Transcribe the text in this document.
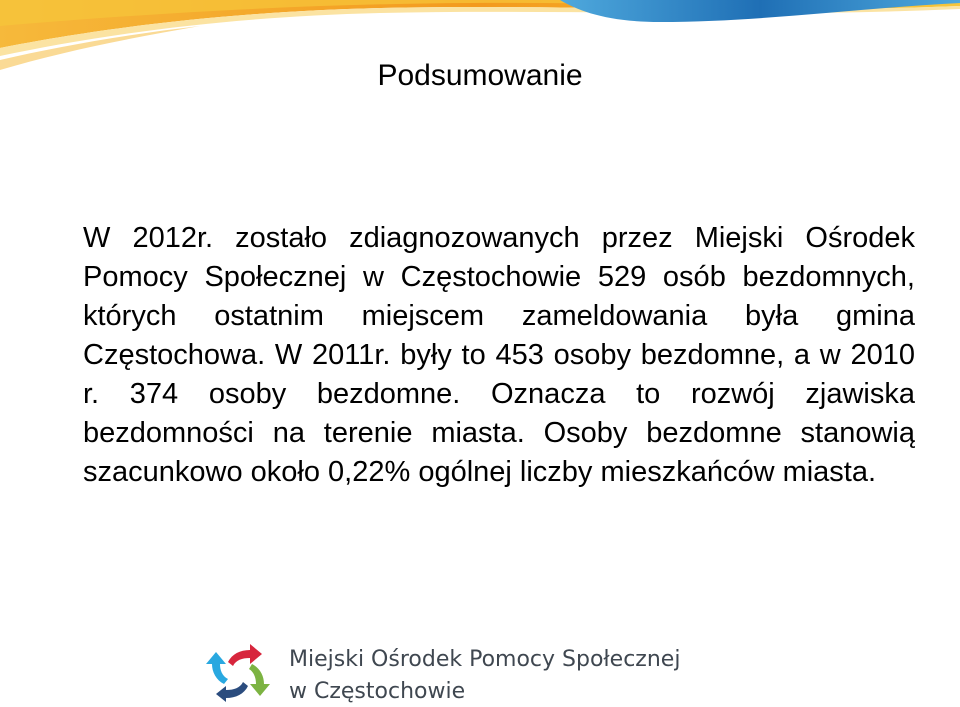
Podsumowanie

W 2012r. zostało zdiagnozowanych przez Miejski Ośrodek Pomocy Społecznej w Częstochowie 529 osób bezdomnych, których ostatnim miejscem zameldowania była gmina Częstochowa. W 2011r. były to 453 osoby bezdomne, a w 2010 r. 374 osoby bezdomne. Oznacza to rozwój zjawiska bezdomności na terenie miasta. Osoby bezdomne stanowią szacunkowo około 0,22% ogólnej liczby mieszkańców miasta.

Miejski Ośrodek Pomocy Społecznej
w Częstochowie
